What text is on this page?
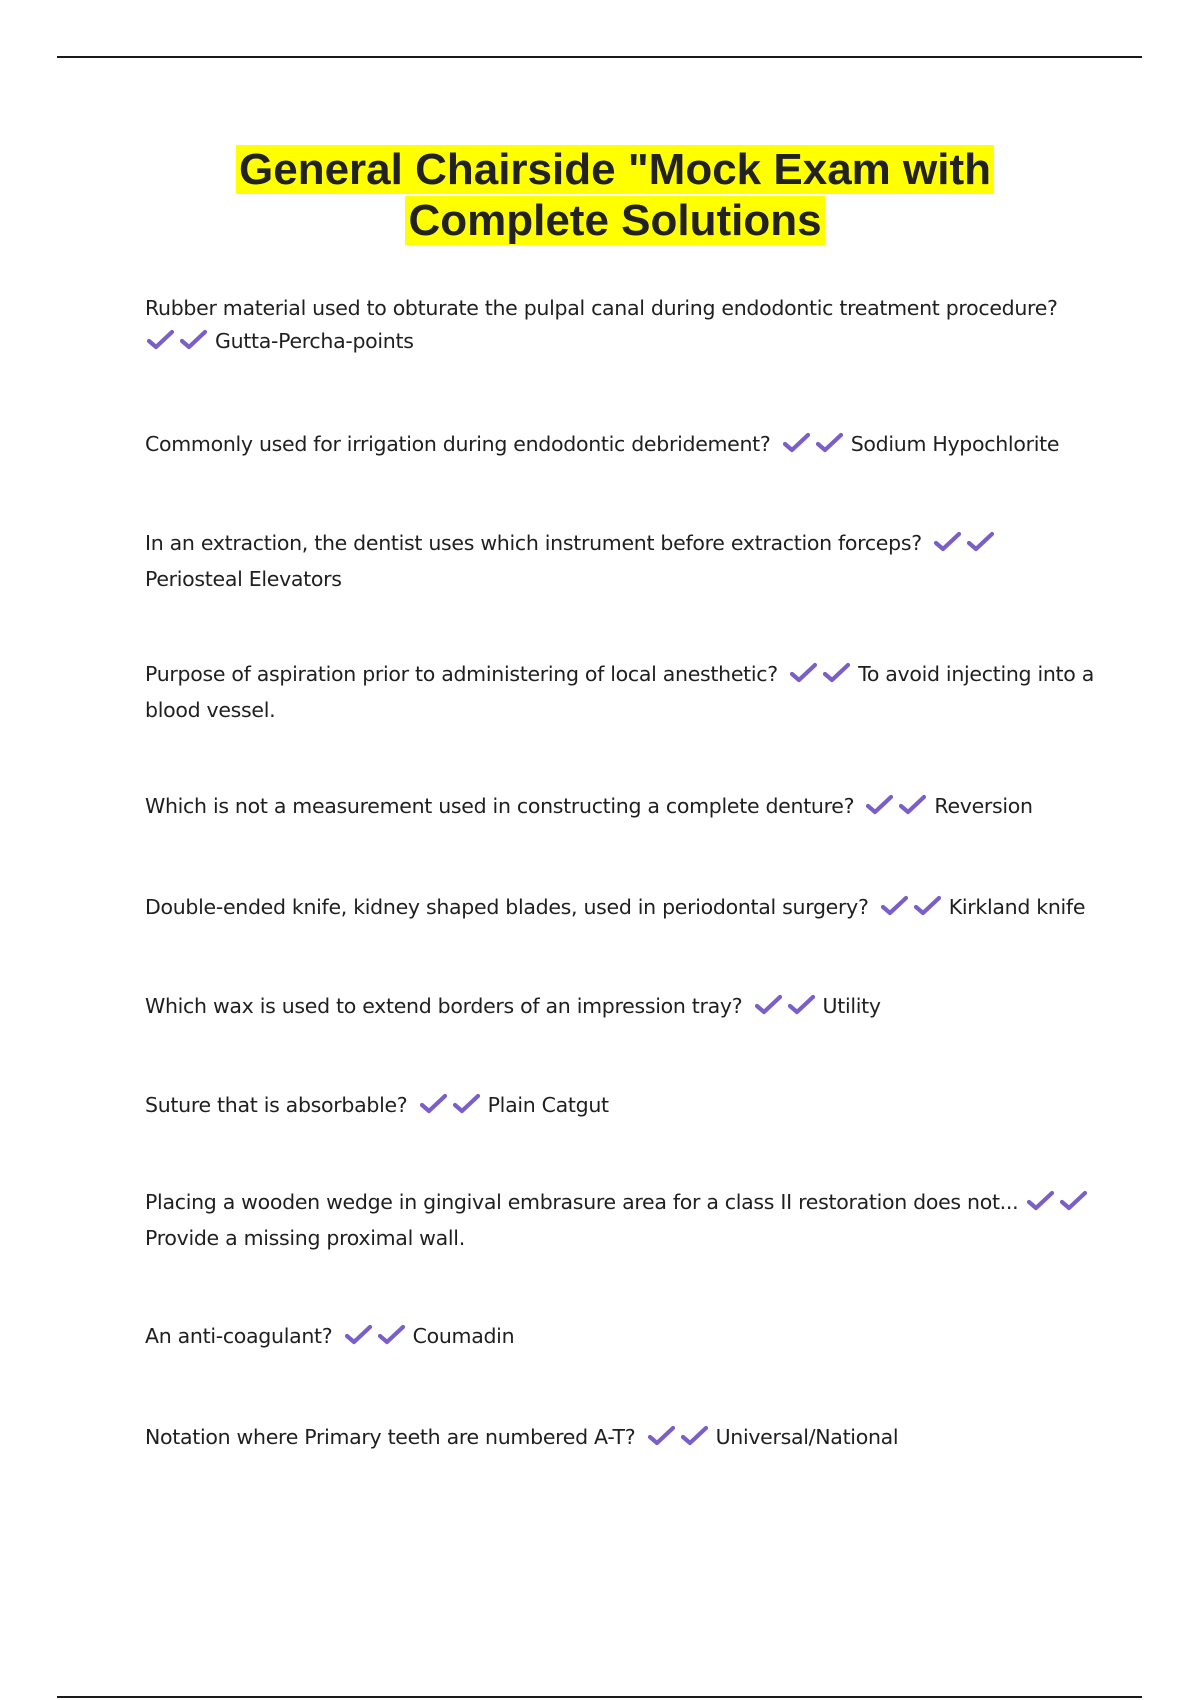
General Chairside "Mock Exam with
Complete Solutions
Rubber material used to obturate the pulpal canal during endodontic treatment procedure?
Gutta-Percha-points
Commonly used for irrigation during endodontic debridement?	Sodium Hypochlorite
In an extraction, the dentist uses which instrument before extraction forceps?
Periosteal Elevators
Purpose of aspiration prior to administering of local anesthetic?	To avoid injecting into a blood vessel.
Which is not a measurement used in constructing a complete denture?	Reversion
Double-ended knife, kidney shaped blades, used in periodontal surgery?	Kirkland knife
Which wax is used to extend borders of an impression tray?	Utility
Suture that is absorbable?	Plain Catgut
Placing a wooden wedge in gingival embrasure area for a class II restoration does not...
Provide a missing proximal wall.
An anti-coagulant?	Coumadin
Notation where Primary teeth are numbered A-T?	Universal/National
